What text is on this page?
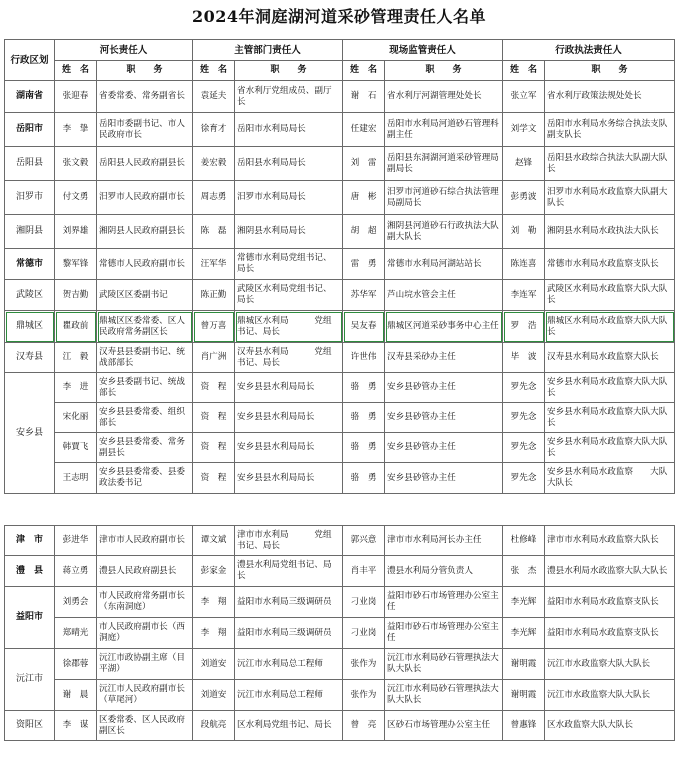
2024年洞庭湖河道采砂管理责任人名单
行政区划	河长责任人		主管部门责任人		现场监管责任人		行政执法责任人	
	姓　名	职　　务	姓　名	职　　务	姓　名	职　　务	姓　名	职　　务
湖南省	张迎春	省委常委、常务副省长	袁延夫	省水利厅党组成员、副厅长	谢　石	省水利厅河湖管理处处长	张立军	省水利厅政策法规处处长
岳阳市	李　挚	岳阳市委副书记、市人民政府市长	徐育才	岳阳市水利局局长	任建宏	岳阳市水利局河道砂石管理科副主任	刘学文	岳阳市水利局水务综合执法支队副支队长
岳阳县	张文毅	岳阳县人民政府副县长	姜宏毅	岳阳县水利局局长	刘　雷	岳阳县东洞湖河道采砂管理局副局长	赵锋	岳阳县水政综合执法大队副大队长
汨罗市	付文勇	汨罗市人民政府副市长	周志勇	汨罗市水利局局长	唐　彬	汨罗市河道砂石综合执法管理局副局长	彭勇波	汨罗市水利局水政监察大队副大队长
湘阴县	刘界雄	湘阴县人民政府副县长	陈　磊	湘阴县水利局局长	胡　超	湘阴县河道砂石行政执法大队副大队长	刘　勒	湘阴县水利局水政执法大队长
常德市	黎军锋	常德市人民政府副市长	汪军华	常德市水利局党组书记、局长	雷　勇	常德市水利局河湖站站长	陈连喜	常德市水利局水政监察支队长
武陵区	贺吉勤	武陵区区委副书记	陈正勤	武陵区水利局党组书记、局长	苏华军	芦山垸水管会主任	李连军	武陵区水利局水政监察大队大队长
鼎城区	瞿政前	鼎城区区委常委、区人民政府常务副区长	曾万喜	鼎城区水利局　　　党组书记、局长	吴友春	鼎城区河道采砂事务中心主任	罗　浩	鼎城区水利局水政监察大队大队长
汉寿县	江　毅	汉寿县县委副书记、统战部部长	肖广洲	汉寿县水利局　　　党组书记、局长	许世伟	汉寿县采砂办主任	毕　波	汉寿县水利局水政监察大队长
安乡县	李　进	安乡县委副书记、统战部长	资　程	安乡县县水利局局长	骆　勇	安乡县砂管办主任	罗先念	安乡县水利局水政监察大队大队长
	宋化丽	安乡县县委常委、组织部长	资　程	安乡县县水利局局长	骆　勇	安乡县砂管办主任	罗先念	安乡县水利局水政监察大队大队长
	韩賈飞	安乡县县委常委、常务副县长	资　程	安乡县县水利局局长	骆　勇	安乡县砂管办主任	罗先念	安乡县水利局水政监察大队大队长
	王志明	安乡县县委常委、县委政法委书记	资　程	安乡县县水利局局长	骆　勇	安乡县砂管办主任	罗先念	安乡县水利局水政监察　　大队大队长
津　市	彭进华	津市市人民政府副市长	谭文斌	津市市水利局　　　党组书记、局长	郭兴意	津市市水利局河长办主任	杜修峰	津市市水利局水政监察大队长
澧　县	蒋立勇	澧县人民政府副县长	彭家金	澧县水利局党组书记、局长	肖丰平	澧县水利局分管负责人	张　杰	澧县水利局水政监察大队大队长
益阳市	刘勇会	市人民政府常务副市长（东南洞庭）	李　翔	益阳市水利局三级调研员	刁业岗	益阳市砂石市场管理办公室主任	李光辉	益阳市水利局水政监察支队长
	郑晴光	市人民政府副市长（西洞庭）	李　翔	益阳市水利局三级调研员	刁业岗	益阳市砂石市场管理办公室主任	李光辉	益阳市水利局水政监察支队长
沅江市	徐郡蓉	沅江市政协副主席（目平湖）	刘道安	沅江市水利局总工程师	张作为	沅江市水利局砂石管理执法大队大队长	谢明霞	沅江市水政监察大队大队长
	谢　晨	沅江市人民政府副市长（草尾河）	刘道安	沅江市水利局总工程师	张作为	沅江市水利局砂石管理执法大队大队长	谢明霞	沅江市水政监察大队大队长
资阳区	李　谋	区委常委、区人民政府副区长	段航亮	区水利局党组书记、局长	曾　亮	区砂石市场管理办公室主任	曾惠锋	区水政监察大队大队长
